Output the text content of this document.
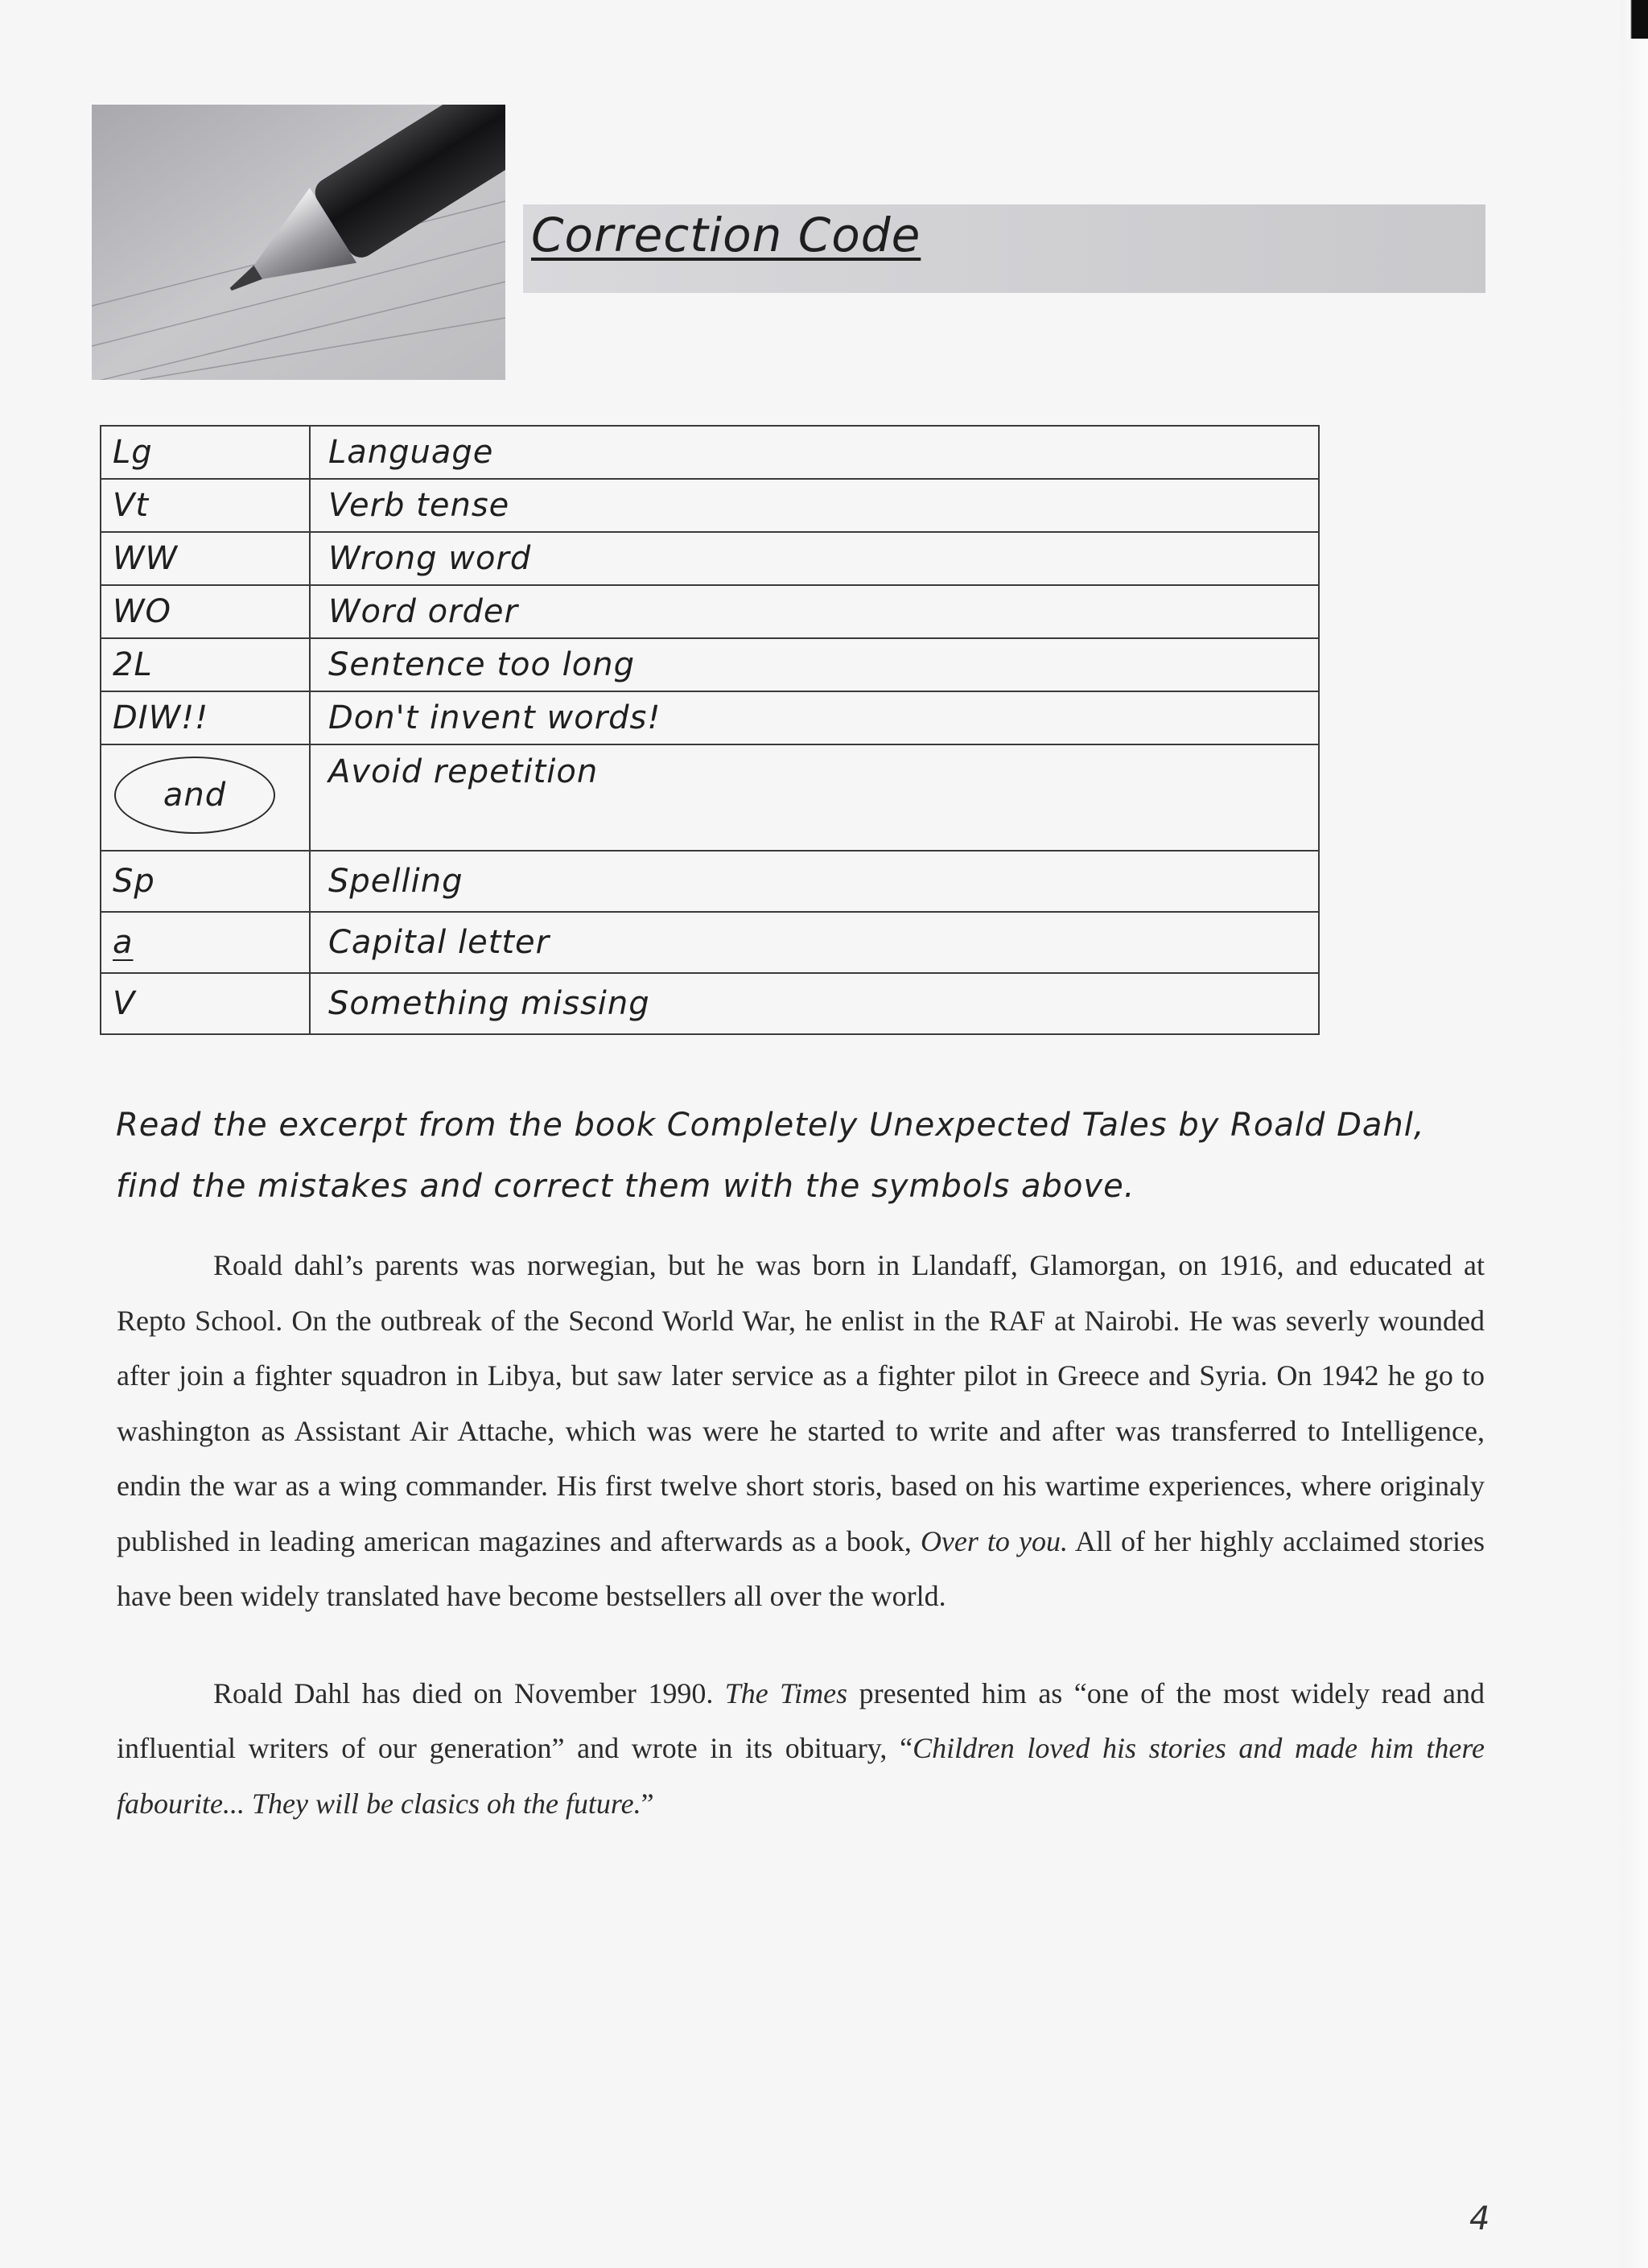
Correction Code
Lg	Language
Vt	Verb tense
WW	Wrong word
WO	Word order
2L	Sentence too long
DIW!!	Don't invent words!
and	Avoid repetition
Sp	Spelling
a	Capital letter
V	Something missing
Read the excerpt from the book Completely Unexpected Tales by Roald Dahl,
find the mistakes and correct them with the symbols above.

Roald dahl’s parents was norwegian, but he was born in Llandaff, Glamorgan, on 1916, and educated at Repto School. On the outbreak of the Second World War, he enlist in the RAF at Nairobi. He was severly wounded after join a fighter squadron in Libya, but saw later service as a fighter pilot in Greece and Syria. On 1942 he go to washington as Assistant Air Attache, which was were he started to write and after was transferred to Intelligence, endin the war as a wing commander. His first twelve short storis, based on his wartime experiences, where originaly published in leading american magazines and afterwards as a book, Over to you. All of her highly acclaimed stories have been widely translated have become bestsellers all over the world.

Roald Dahl has died on November 1990. The Times presented him as “one of the most widely read and influential writers of our generation” and wrote in its obituary, “Children loved his stories and made him there fabourite... They will be clasics oh the future.”

4
